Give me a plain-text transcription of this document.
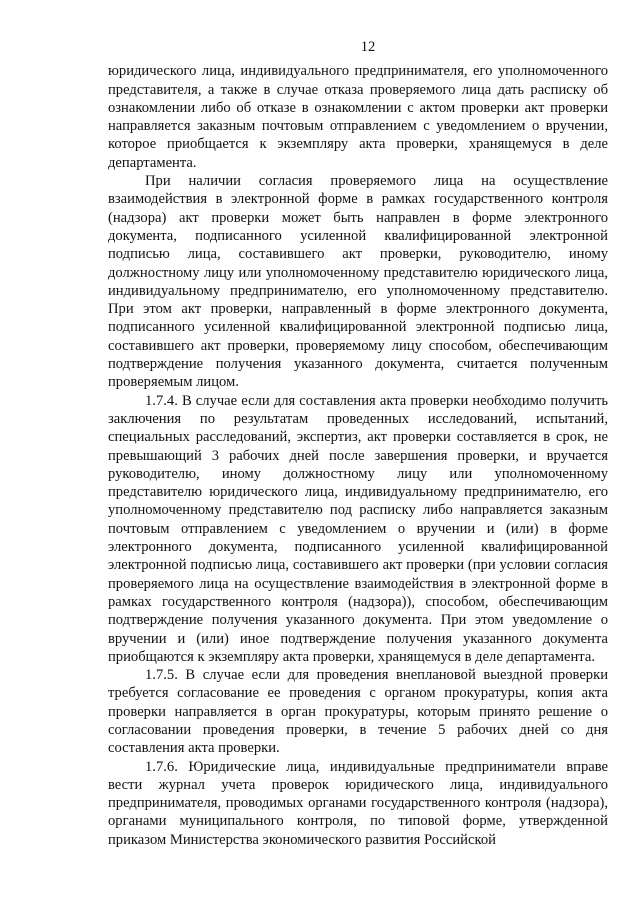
12

юридического лица, индивидуального предпринимателя, его уполномоченного представителя, а также в случае отказа проверяемого лица дать расписку об ознакомлении либо об отказе в ознакомлении с актом проверки акт проверки направляется заказным почтовым отправлением с уведомлением о вручении, которое приобщается к экземпляру акта проверки, хранящемуся в деле департамента.

При наличии согласия проверяемого лица на осуществление взаимодействия в электронной форме в рамках государственного контроля (надзора) акт проверки может быть направлен в форме электронного документа, подписанного усиленной квалифицированной электронной подписью лица, составившего акт проверки, руководителю, иному должностному лицу или уполномоченному представителю юридического лица, индивидуальному предпринимателю, его уполномоченному представителю. При этом акт проверки, направленный в форме электронного документа, подписанного усиленной квалифицированной электронной подписью лица, составившего акт проверки, проверяемому лицу способом, обеспечивающим подтверждение получения указанного документа, считается полученным проверяемым лицом.

1.7.4. В случае если для составления акта проверки необходимо получить заключения по результатам проведенных исследований, испытаний, специальных расследований, экспертиз, акт проверки составляется в срок, не превышающий 3 рабочих дней после завершения проверки, и вручается руководителю, иному должностному лицу или уполномоченному представителю юридического лица, индивидуальному предпринимателю, его уполномоченному представителю под расписку либо направляется заказным почтовым отправлением с уведомлением о вручении и (или) в форме электронного документа, подписанного усиленной квалифицированной электронной подписью лица, составившего акт проверки (при условии согласия проверяемого лица на осуществление взаимодействия в электронной форме в рамках государственного контроля (надзора)), способом, обеспечивающим подтверждение получения указанного документа. При этом уведомление о вручении и (или) иное подтверждение получения указанного документа приобщаются к экземпляру акта проверки, хранящемуся в деле департамента.

1.7.5. В случае если для проведения внеплановой выездной проверки требуется согласование ее проведения с органом прокуратуры, копия акта проверки направляется в орган прокуратуры, которым принято решение о согласовании проведения проверки, в течение 5 рабочих дней со дня составления акта проверки.

1.7.6. Юридические лица, индивидуальные предприниматели вправе вести журнал учета проверок юридического лица, индивидуального предпринимателя, проводимых органами государственного контроля (надзора), органами муниципального контроля, по типовой форме, утвержденной приказом Министерства экономического развития Российской
